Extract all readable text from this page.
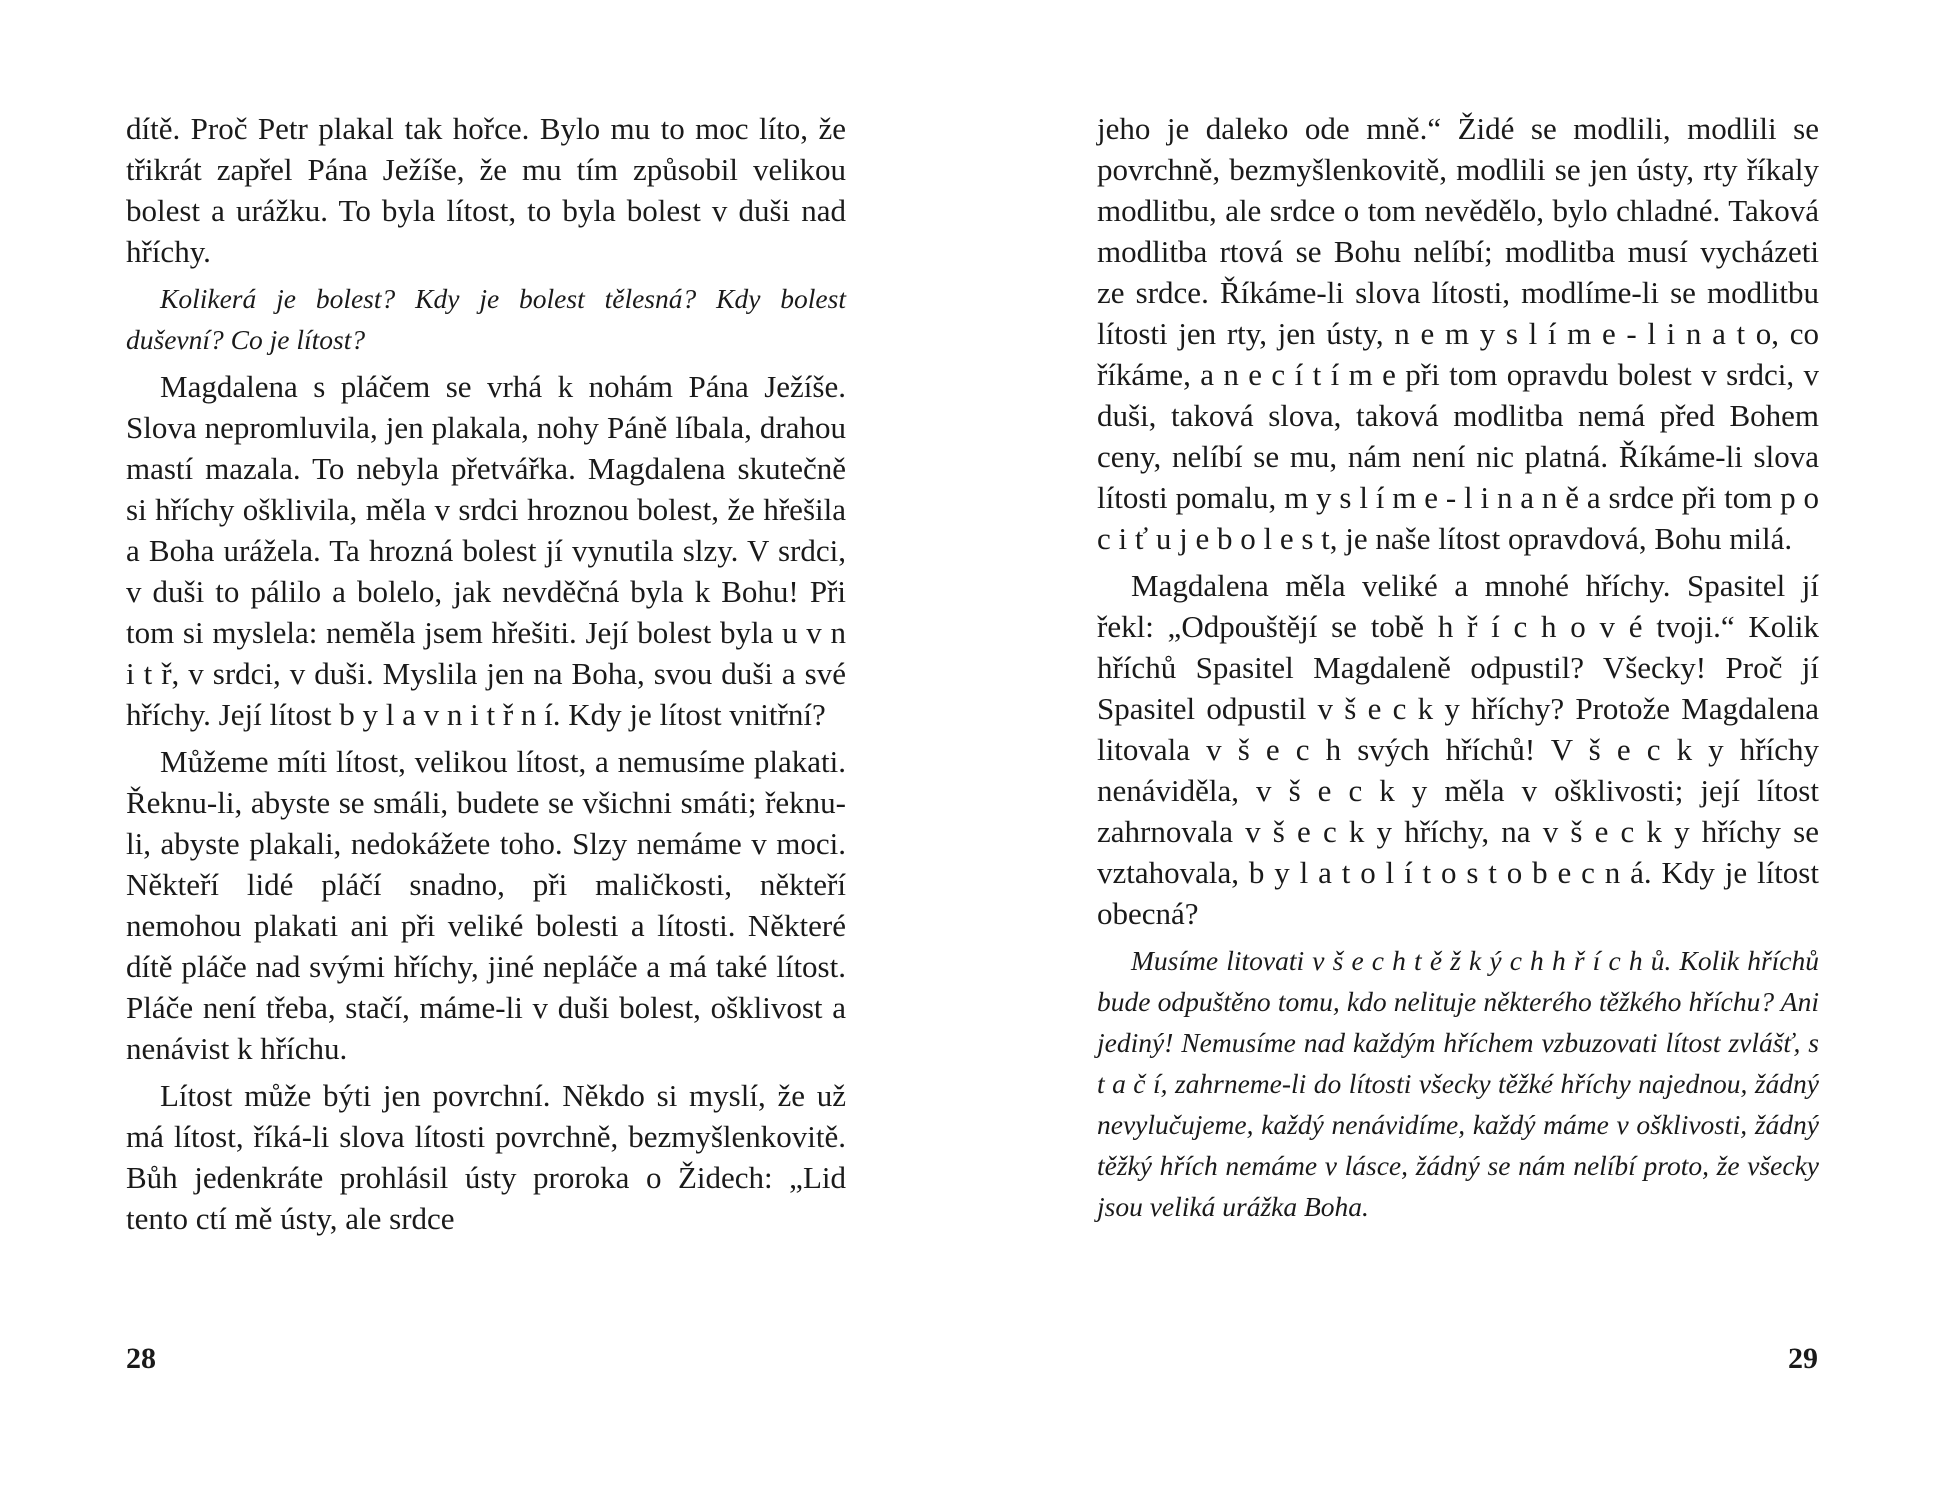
dítě. Proč Petr plakal tak hořce. Bylo mu to moc líto, že třikrát zapřel Pána Ježíše, že mu tím způsobil velikou bolest a urážku. To byla lítost, to byla bolest v duši nad hříchy.

Kolikerá je bolest? Kdy je bolest tělesná? Kdy bolest duševní? Co je lítost?

Magdalena s pláčem se vrhá k nohám Pána Ježíše. Slova nepromluvila, jen plakala, nohy Páně líbala, drahou mastí mazala. To nebyla přetvářka. Magdalena skutečně si hříchy ošklivila, měla v srdci hroznou bolest, že hřešila a Boha urážela. Ta hrozná bolest jí vynutila slzy. V srdci, v duši to pálilo a bolelo, jak nevděčná byla k Bohu! Při tom si myslela: neměla jsem hřešiti. Její bolest byla u v n i t ř, v srdci, v duši. Myslila jen na Boha, svou duši a své hříchy. Její lítost b y l a v n i t ř n í. Kdy je lítost vnitřní?

Můžeme míti lítost, velikou lítost, a nemusíme plakati. Řeknu-li, abyste se smáli, budete se všichni smáti; řeknu-li, abyste plakali, nedokážete toho. Slzy nemáme v moci. Někteří lidé pláčí snadno, při maličkosti, někteří nemohou plakati ani při veliké bolesti a lítosti. Některé dítě pláče nad svými hříchy, jiné nepláče a má také lítost. Pláče není třeba, stačí, máme-li v duši bolest, ošklivost a nenávist k hříchu.

Lítost může býti jen povrchní. Někdo si myslí, že už má lítost, říká-li slova lítosti povrchně, bezmyšlenkovitě. Bůh jedenkráte prohlásil ústy proroka o Židech: „Lid tento ctí mě ústy, ale srdce

28

jeho je daleko ode mně.“ Židé se modlili, modlili se povrchně, bezmyšlenkovitě, modlili se jen ústy, rty říkaly modlitbu, ale srdce o tom nevědělo, bylo chladné. Taková modlitba rtová se Bohu nelíbí; modlitba musí vycházeti ze srdce. Říkáme-li slova lítosti, modlíme-li se modlitbu lítosti jen rty, jen ústy, n e m y s l í m e - l i n a t o, co říkáme, a n e c í t í m e při tom opravdu bolest v srdci, v duši, taková slova, taková modlitba nemá před Bohem ceny, nelíbí se mu, nám není nic platná. Říkáme-li slova lítosti pomalu, m y s l í m e - l i n a n ě a srdce při tom p o c i ť u j e b o l e s t, je naše lítost opravdová, Bohu milá.

Magdalena měla veliké a mnohé hříchy. Spasitel jí řekl: „Odpouštějí se tobě h ř í c h o v é tvoji.“ Kolik hříchů Spasitel Magdaleně odpustil? Všecky! Proč jí Spasitel odpustil v š e c k y hříchy? Protože Magdalena litovala v š e c h svých hříchů! V š e c k y hříchy nenáviděla, v š e c k y měla v ošklivosti; její lítost zahrnovala v š e c k y hříchy, na v š e c k y hříchy se vztahovala, b y l a t o l í t o s t o b e c n á. Kdy je lítost obecná?

Musíme litovati v š e c h t ě ž k ý c h h ř í c h ů. Kolik hříchů bude odpuštěno tomu, kdo nelituje některého těžkého hříchu? Ani jediný! Nemusíme nad každým hříchem vzbuzovati lítost zvlášť, s t a č í, zahrneme-li do lítosti všecky těžké hříchy najednou, žádný nevylučujeme, každý nenávidíme, každý máme v ošklivosti, žádný těžký hřích nemáme v lásce, žádný se nám nelíbí proto, že všecky jsou veliká urážka Boha.

29
